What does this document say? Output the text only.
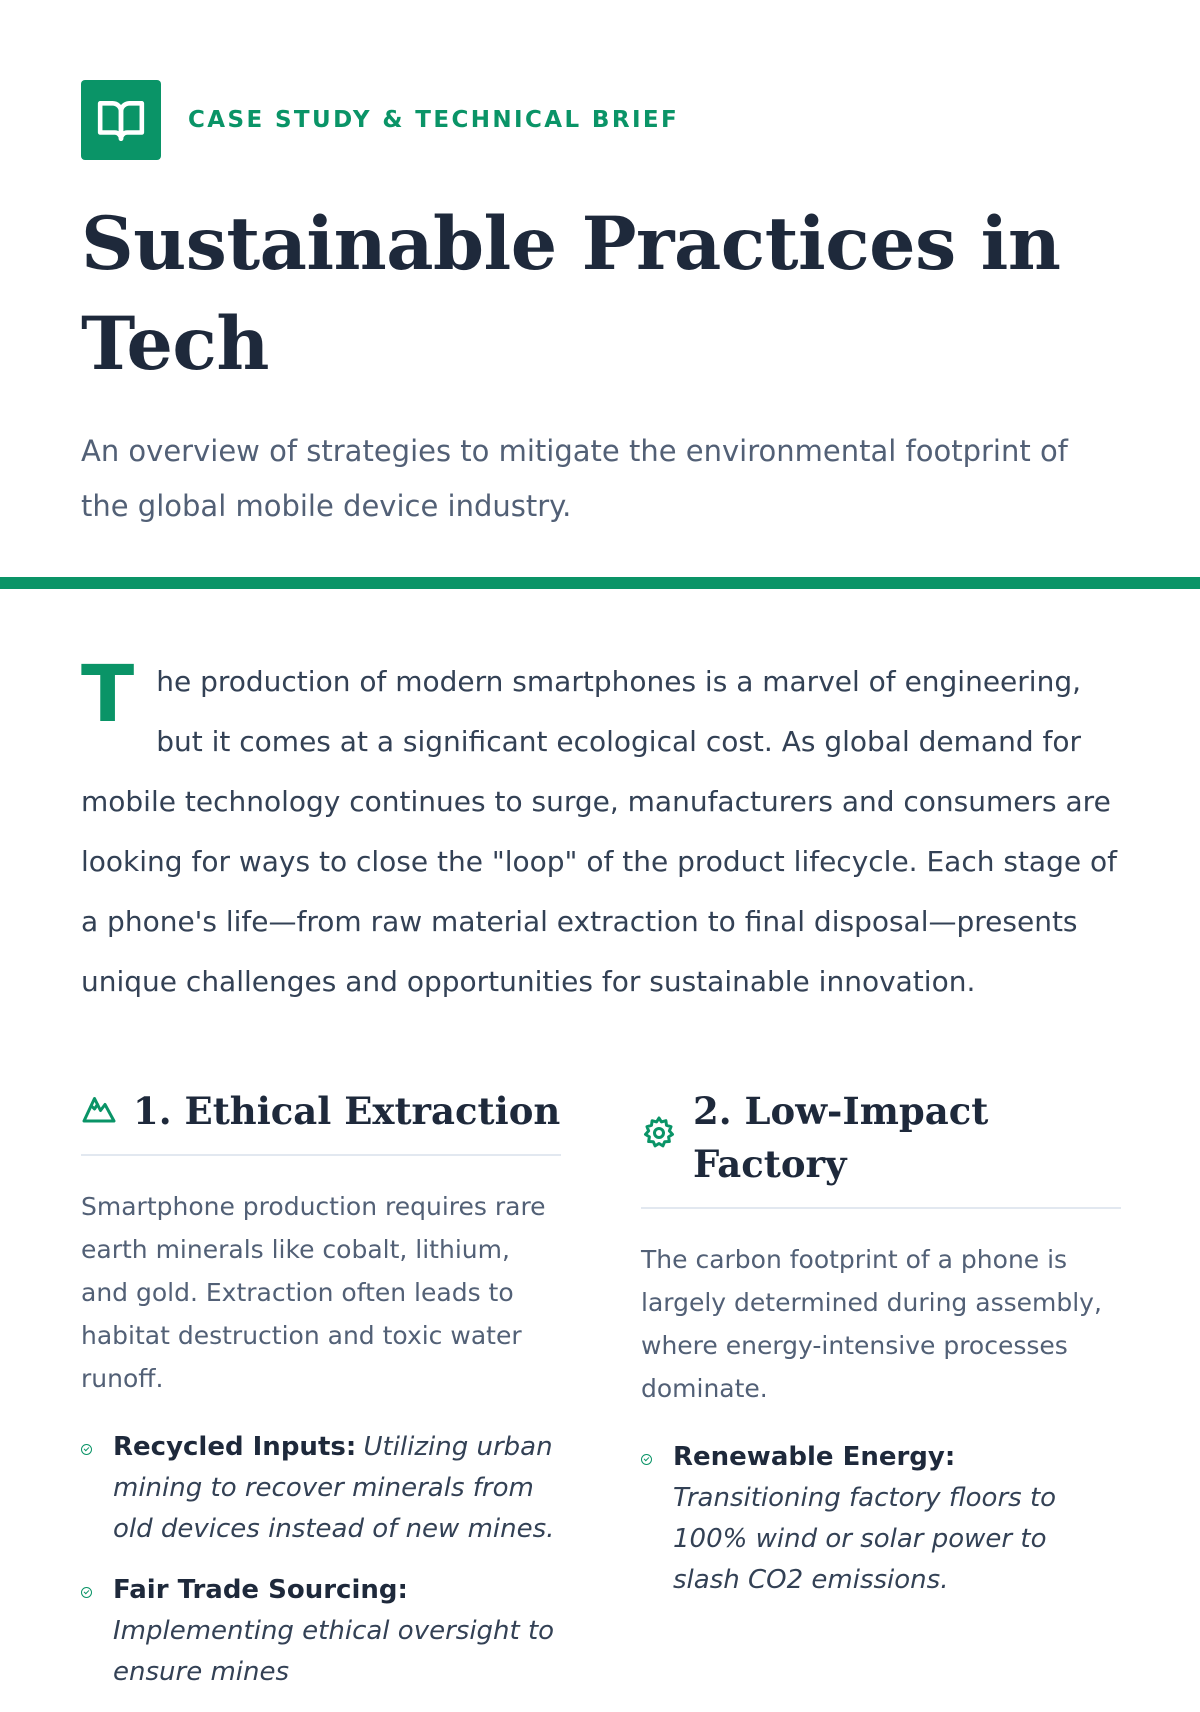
CASE STUDY & TECHNICAL BRIEF
Sustainable Practices in Tech

An overview of strategies to mitigate the environmental footprint of the global mobile device industry.

The production of modern smartphones is a marvel of engineering, but it comes at a significant ecological cost. As global demand for mobile technology continues to surge, manufacturers and consumers are looking for ways to close the "loop" of the product lifecycle. Each stage of a phone's life—from raw material extraction to final disposal—presents unique challenges and opportunities for sustainable innovation.
1. Ethical Extraction

Smartphone production requires rare earth minerals like cobalt, lithium, and gold. Extraction often leads to habitat destruction and toxic water runoff.

Recycled Inputs: Utilizing urban mining to recover minerals from old devices instead of new mines.
Fair Trade Sourcing: Implementing ethical oversight to ensure mines
2. Low-Impact Factory

The carbon footprint of a phone is largely determined during assembly, where energy-intensive processes dominate.

Renewable Energy: Transitioning factory floors to 100% wind or solar power to slash CO2 emissions.
